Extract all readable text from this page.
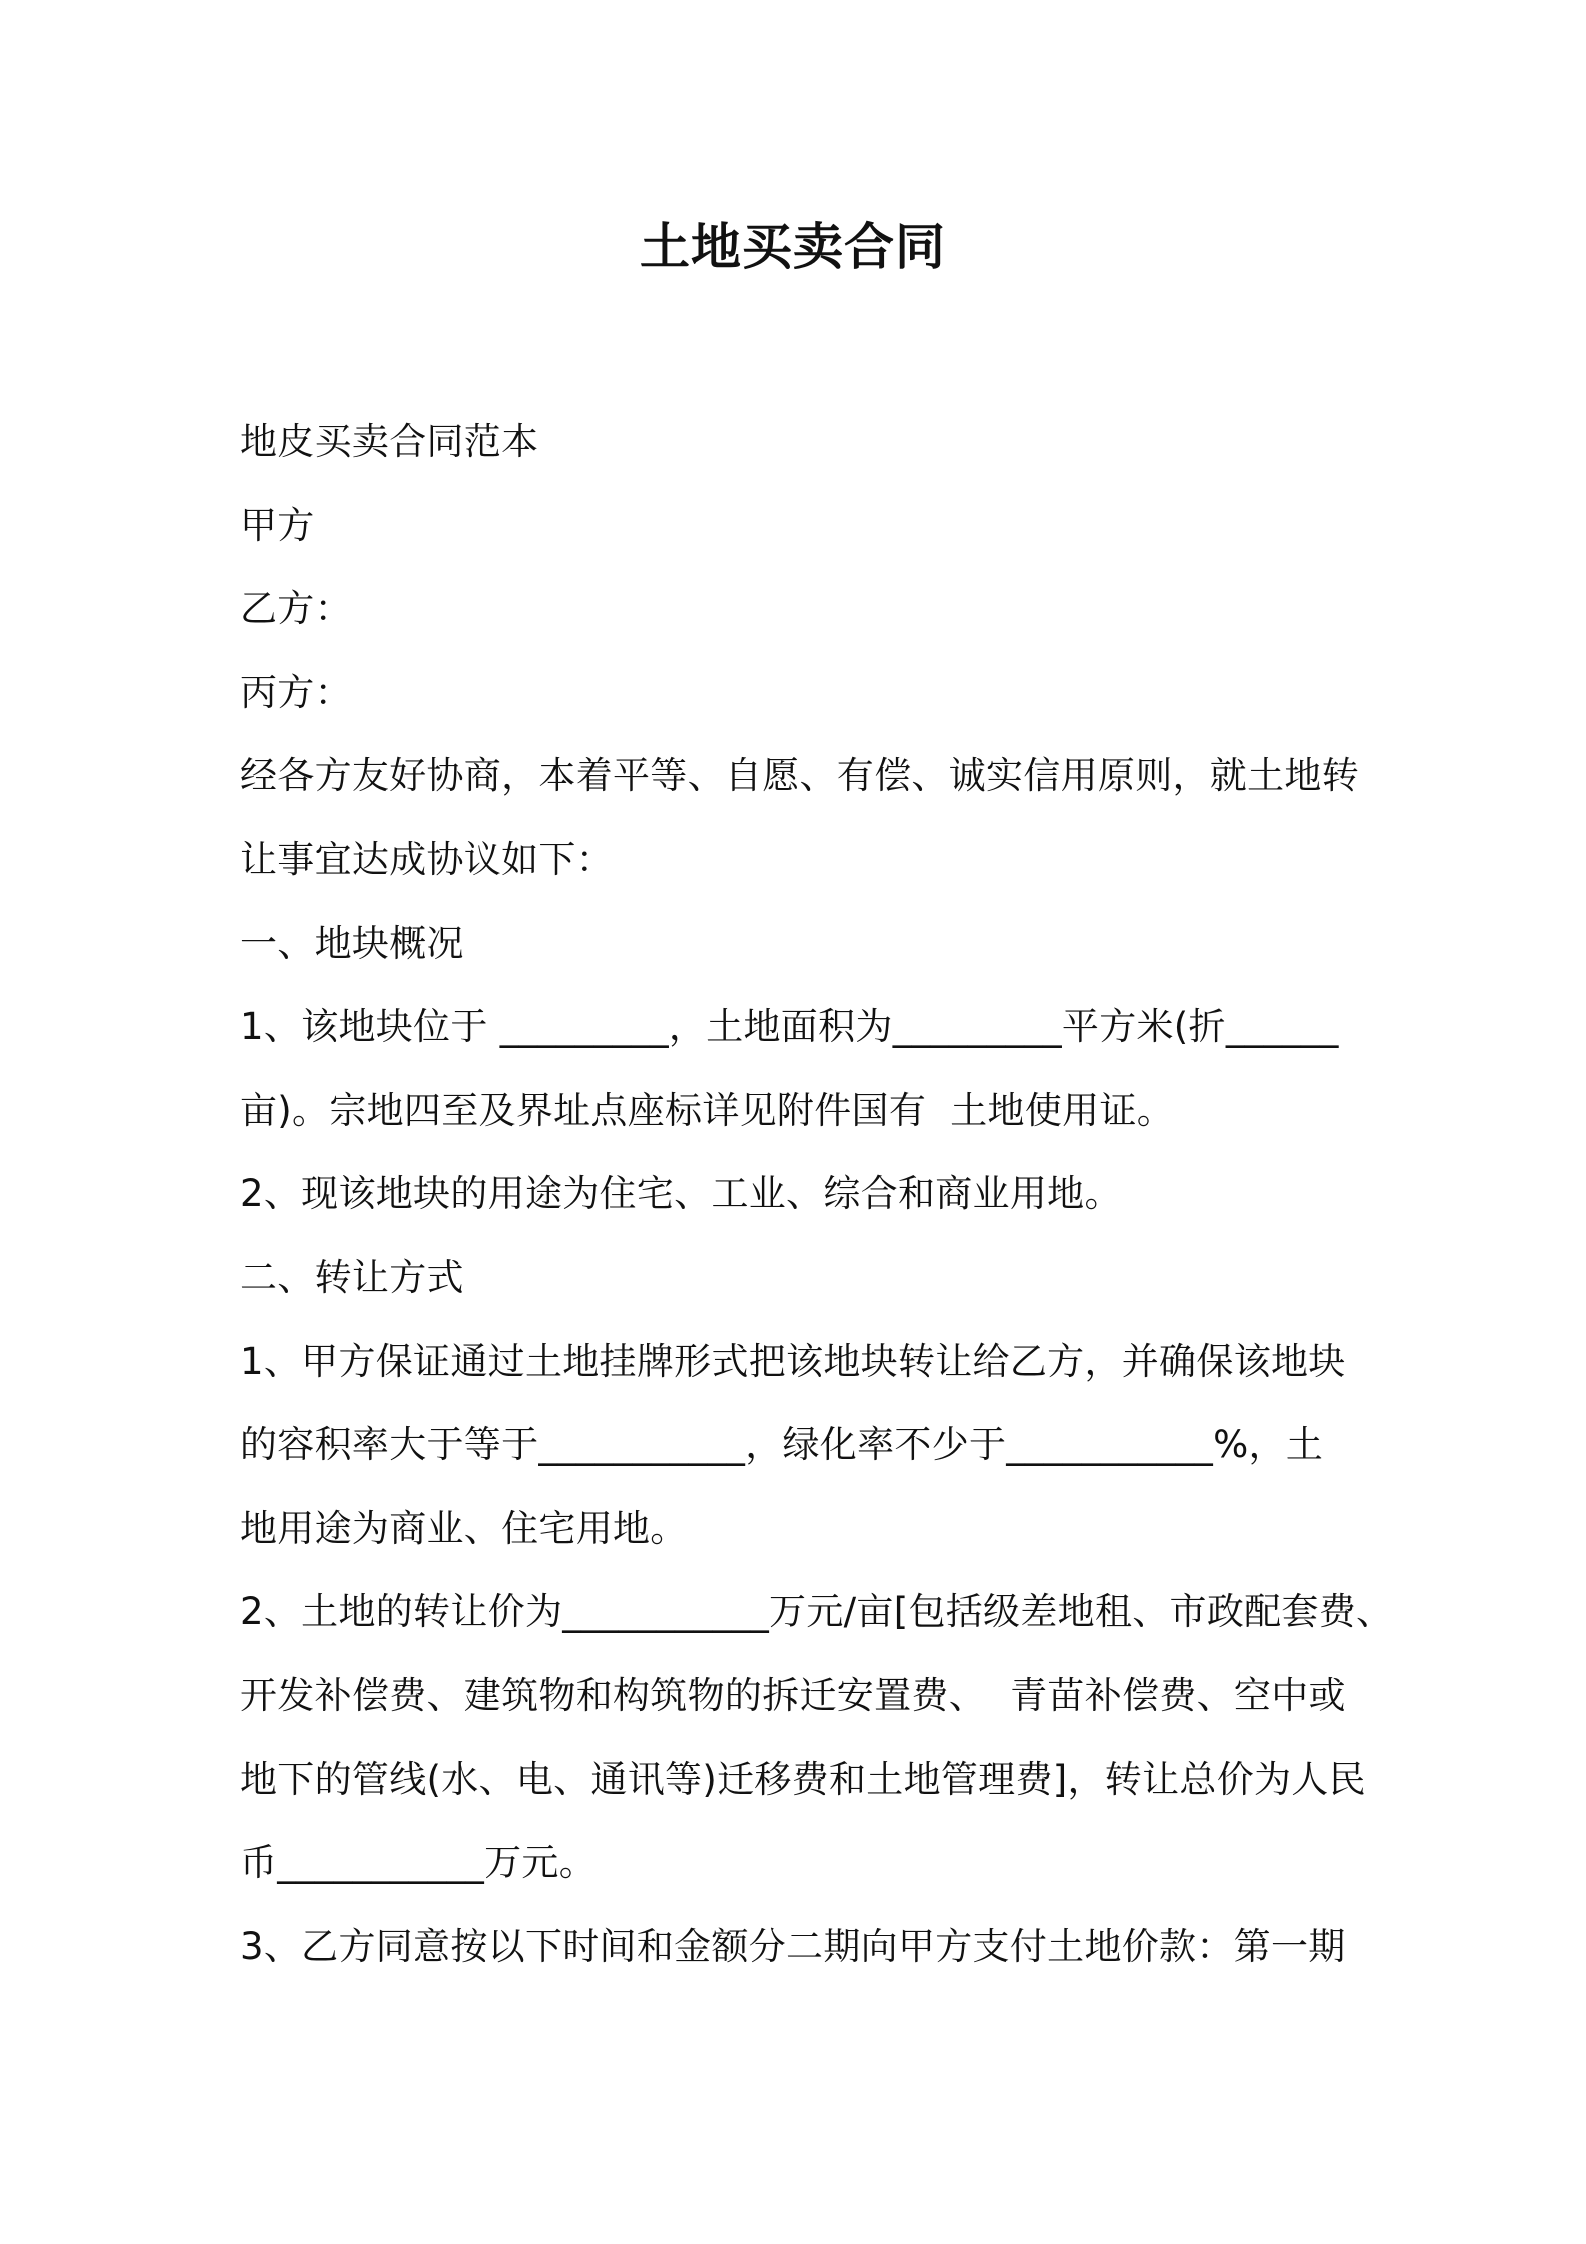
土地买卖合同
地皮买卖合同范本
甲方
乙方：
丙方：
经各方友好协商，本着平等、自愿、有偿、诚实信用原则，就土地转
让事宜达成协议如下：
一、地块概况
1、该地块位于 _________，土地面积为_________平方米(折______
亩)。宗地四至及界址点座标详见附件国有  土地使用证。
2、现该地块的用途为住宅、工业、综合和商业用地。
二、转让方式
1、甲方保证通过土地挂牌形式把该地块转让给乙方，并确保该地块
的容积率大于等于___________，绿化率不少于___________%，土
地用途为商业、住宅用地。
2、土地的转让价为___________万元/亩[包括级差地租、市政配套费、
开发补偿费、建筑物和构筑物的拆迁安置费、  青苗补偿费、空中或
地下的管线(水、电、通讯等)迁移费和土地管理费]，转让总价为人民
币___________万元。
3、乙方同意按以下时间和金额分二期向甲方支付土地价款：第一期
